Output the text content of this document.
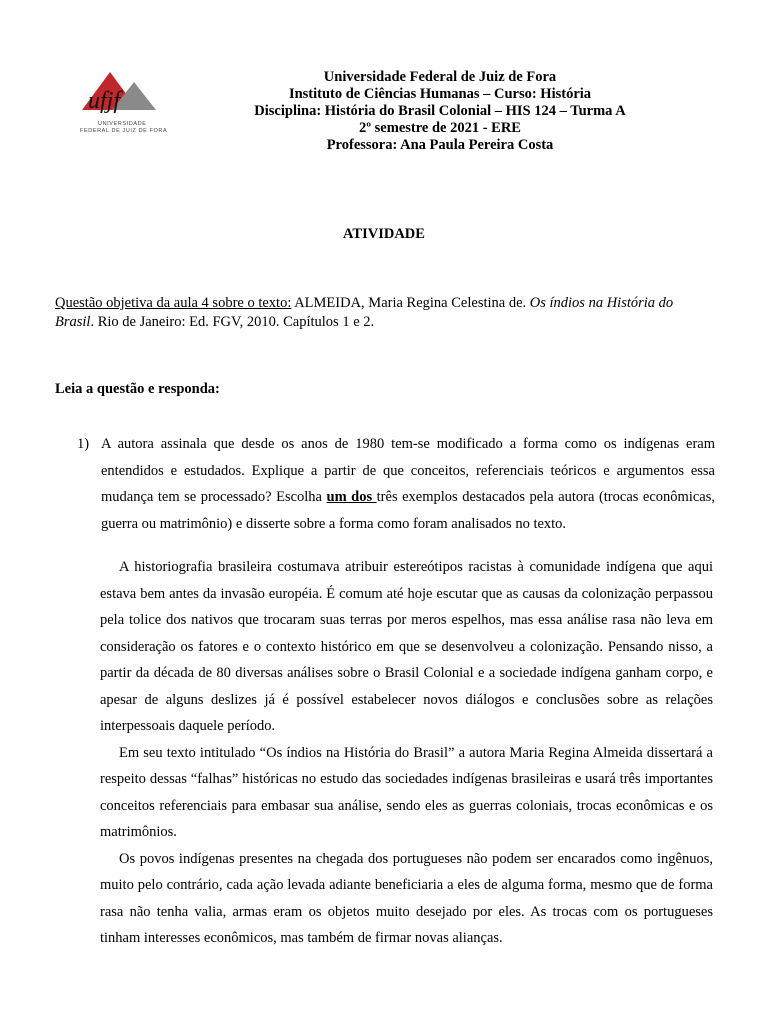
ufjf
UNIVERSIDADE
FEDERAL DE JUIZ DE FORA
Universidade Federal de Juiz de Fora
Instituto de Ciências Humanas – Curso: História
Disciplina: História do Brasil Colonial – HIS 124 – Turma A
2º semestre de 2021 - ERE
Professora: Ana Paula Pereira Costa
ATIVIDADE
Questão objetiva da aula 4 sobre o texto: ALMEIDA, Maria Regina Celestina de. Os índios na História do Brasil. Rio de Janeiro: Ed. FGV, 2010. Capítulos 1 e 2.
Leia a questão e responda:
1) A autora assinala que desde os anos de 1980 tem-se modificado a forma como os indígenas eram entendidos e estudados. Explique a partir de que conceitos, referenciais teóricos e argumentos essa mudança tem se processado? Escolha um dos três exemplos destacados pela autora (trocas econômicas, guerra ou matrimônio) e disserte sobre a forma como foram analisados no texto.

A historiografia brasileira costumava atribuir estereótipos racistas à comunidade indígena que aqui estava bem antes da invasão européia. É comum até hoje escutar que as causas da colonização perpassou pela tolice dos nativos que trocaram suas terras por meros espelhos, mas essa análise rasa não leva em consideração os fatores e o contexto histórico em que se desenvolveu a colonização. Pensando nisso, a partir da década de 80 diversas análises sobre o Brasil Colonial e a sociedade indígena ganham corpo, e apesar de alguns deslizes já é possível estabelecer novos diálogos e conclusões sobre as relações interpessoais daquele período.

Em seu texto intitulado “Os índios na História do Brasil” a autora Maria Regina Almeida dissertará a respeito dessas “falhas” históricas no estudo das sociedades indígenas brasileiras e usará três importantes conceitos referenciais para embasar sua análise, sendo eles as guerras coloniais, trocas econômicas e os matrimônios.

Os povos indígenas presentes na chegada dos portugueses não podem ser encarados como ingênuos, muito pelo contrário, cada ação levada adiante beneficiaria a eles de alguma forma, mesmo que de forma rasa não tenha valia, armas eram os objetos muito desejado por eles. As trocas com os portugueses tinham interesses econômicos, mas também de firmar novas alianças.
